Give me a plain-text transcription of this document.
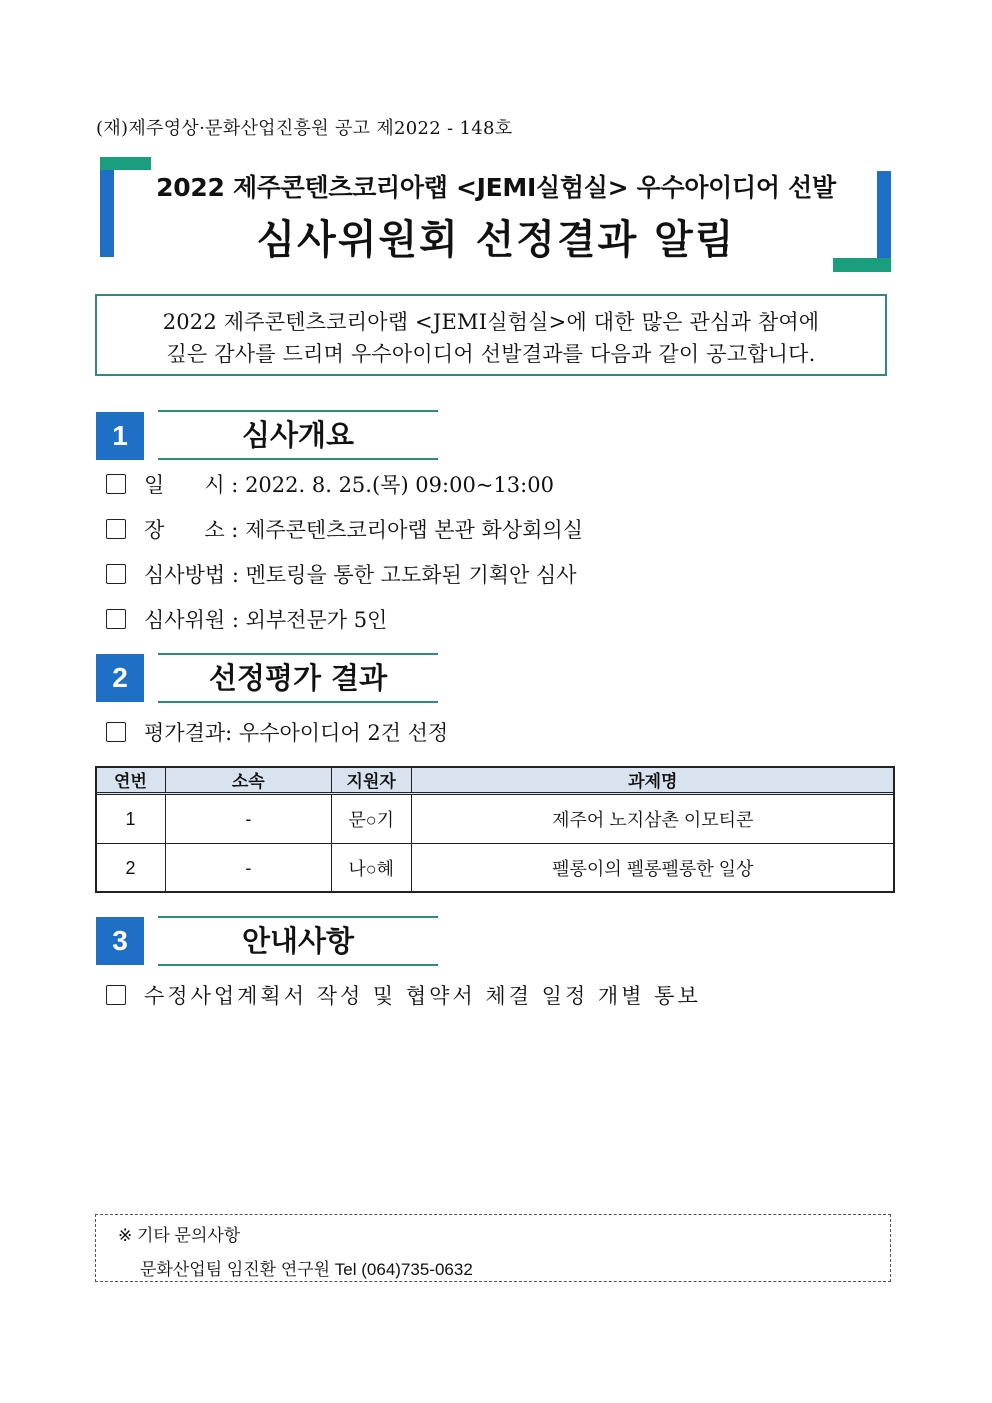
(재)제주영상·문화산업진흥원 공고 제2022 - 148호
2022 제주콘텐츠코리아랩 <JEMI실험실> 우수아이디어 선발
심사위원회 선정결과 알림
2022 제주콘텐츠코리아랩 <JEMI실험실>에 대한 많은 관심과 참여에
깊은 감사를 드리며 우수아이디어 선발결과를 다음과 같이 공고합니다.
1	심사개요
일      시 : 2022. 8. 25.(목) 09:00~13:00
장      소 : 제주콘텐츠코리아랩 본관 화상회의실
심사방법 : 멘토링을 통한 고도화된 기획안 심사
심사위원 : 외부전문가 5인
2	선정평가 결과
평가결과: 우수아이디어 2건 선정
연번	소속	지원자	과제명
1	-	문○기	제주어 노지삼촌 이모티콘
2	-	나○혜	펠롱이의 펠롱펠롱한 일상
3	안내사항
수정사업계획서 작성 및 협약서 체결 일정 개별 통보
※ 기타 문의사항
문화산업팀 임진환 연구원 Tel (064)735-0632
